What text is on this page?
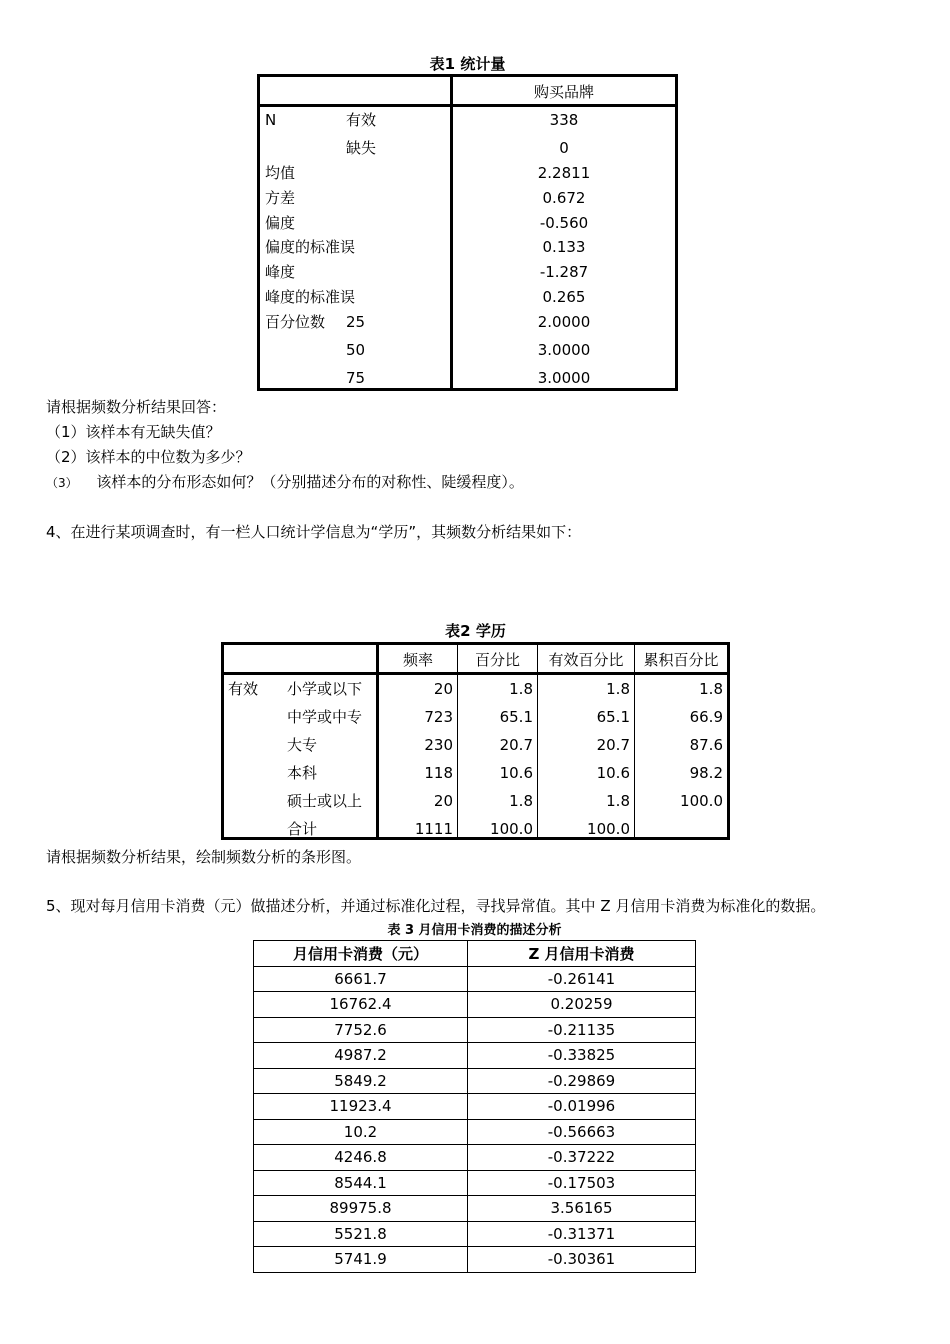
表1 统计量
购买品牌
N	有效	338
缺失	0
均值	2.2811
方差	0.672
偏度	-0.560
偏度的标准误	0.133
峰度	-1.287
峰度的标准误	0.265
百分位数 25	2.0000
50	3.0000
75	3.0000
请根据频数分析结果回答：
（1）该样本有无缺失值？
（2）该样本的中位数为多少？
（3） 该样本的分布形态如何？（分别描述分布的对称性、陡缓程度）。
4、在进行某项调查时，有一栏人口统计学信息为“学历”，其频数分析结果如下：
表2 学历
频率	百分比	有效百分比	累积百分比
有效 小学或以下	20	1.8	1.8	1.8
中学或中专	723	65.1	65.1	66.9
大专	230	20.7	20.7	87.6
本科	118	10.6	10.6	98.2
硕士或以上	20	1.8	1.8	100.0
合计	1111	100.0	100.0
请根据频数分析结果，绘制频数分析的条形图。
5、现对每月信用卡消费（元）做描述分析，并通过标准化过程，寻找异常值。其中 Z 月信用卡消费为标准化的数据。
表 3 月信用卡消费的描述分析
月信用卡消费（元）	Z 月信用卡消费
6661.7	-0.26141
16762.4	0.20259
7752.6	-0.21135
4987.2	-0.33825
5849.2	-0.29869
11923.4	-0.01996
10.2	-0.56663
4246.8	-0.37222
8544.1	-0.17503
89975.8	3.56165
5521.8	-0.31371
5741.9	-0.30361
